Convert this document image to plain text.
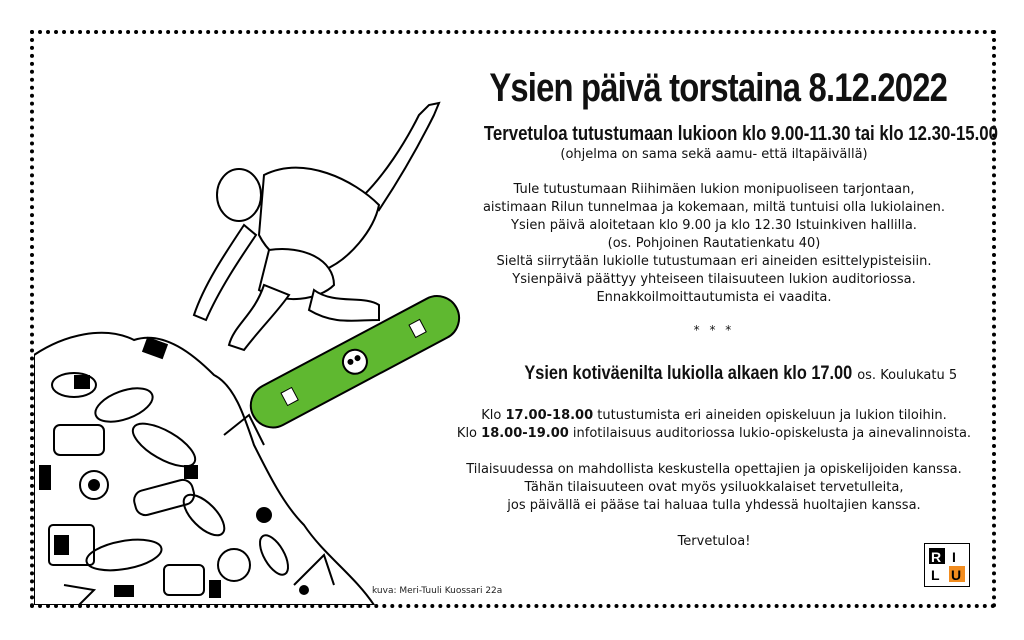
kuva: Meri-Tuuli Kuossari 22a
Ysien päivä torstaina 8.12.2022
Tervetuloa tutustumaan lukioon klo 9.00-11.30 tai klo 12.30-15.00
(ohjelma on sama sekä aamu- että iltapäivällä)
Tule tutustumaan Riihimäen lukion monipuoliseen tarjontaan,
aistimaan Rilun tunnelmaa ja kokemaan, miltä tuntuisi olla lukiolainen.
Ysien päivä aloitetaan klo 9.00 ja klo 12.30 Istuinkiven hallilla.
(os. Pohjoinen Rautatienkatu 40)
Sieltä siirrytään lukiolle tutustumaan eri aineiden esittelypisteisiin.
Ysienpäivä päättyy yhteiseen tilaisuuteen lukion auditoriossa.
Ennakkoilmoittautumista ei vaadita.
* * *
Ysien kotiväenilta lukiolla alkaen klo 17.00 os. Koulukatu 5
Klo 17.00-18.00 tutustumista eri aineiden opiskeluun ja lukion tiloihin.
Klo 18.00-19.00 infotilaisuus auditoriossa lukio-opiskelusta ja ainevalinnoista.
Tilaisuudessa on mahdollista keskustella opettajien ja opiskelijoiden kanssa.
Tähän tilaisuuteen ovat myös ysiluokkalaiset tervetulleita,
jos päivällä ei pääse tai haluaa tulla yhdessä huoltajien kanssa.
Tervetuloa!
R I
L U
